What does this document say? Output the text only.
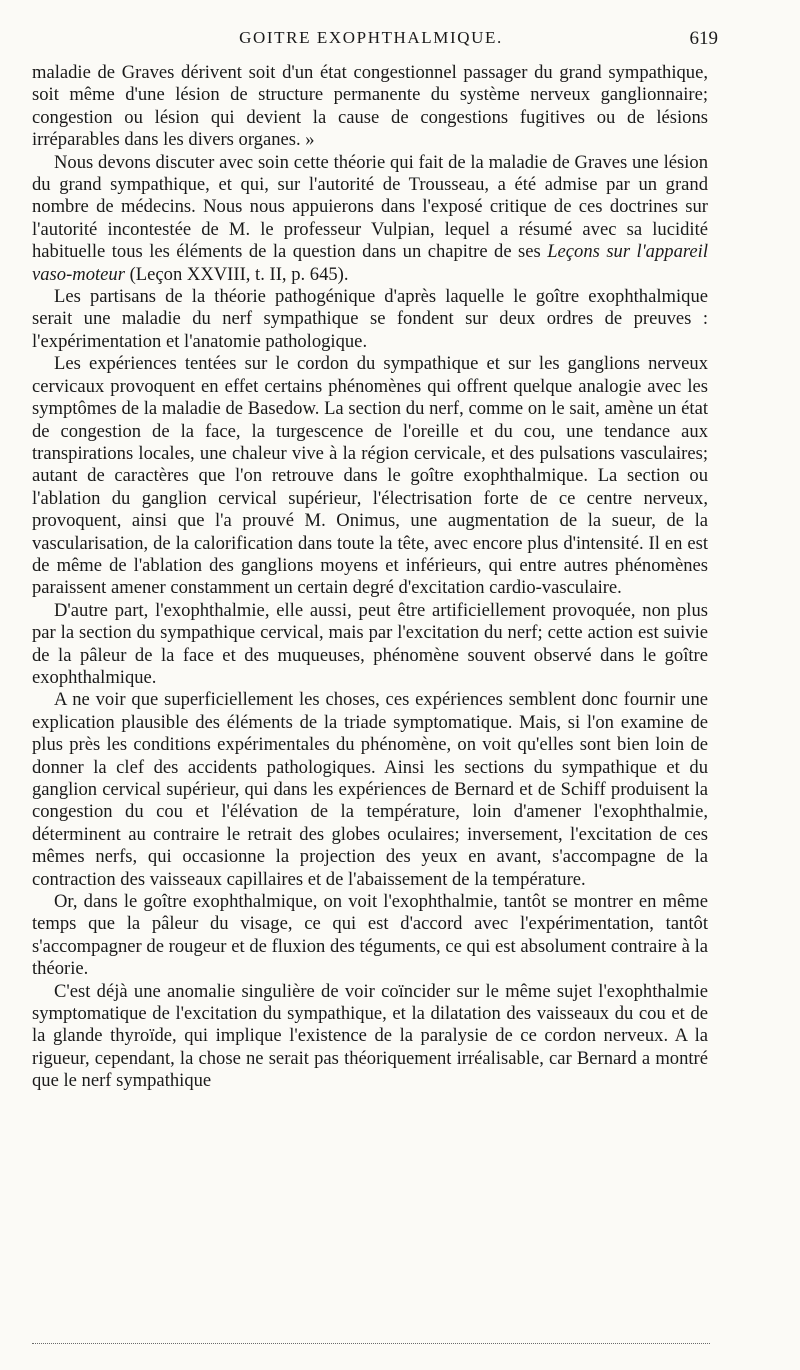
GOITRE EXOPHTHALMIQUE.	619

maladie de Graves dérivent soit d'un état congestionnel passager du grand sympathique, soit même d'une lésion de structure permanente du système nerveux ganglionnaire; congestion ou lésion qui devient la cause de congestions fugitives ou de lésions irréparables dans les divers organes. »

Nous devons discuter avec soin cette théorie qui fait de la maladie de Graves une lésion du grand sympathique, et qui, sur l'autorité de Trousseau, a été admise par un grand nombre de médecins. Nous nous appuierons dans l'exposé critique de ces doctrines sur l'autorité incontestée de M. le professeur Vulpian, lequel a résumé avec sa lucidité habituelle tous les éléments de la question dans un chapitre de ses Leçons sur l'appareil vaso-moteur (Leçon XXVIII, t. II, p. 645).

Les partisans de la théorie pathogénique d'après laquelle le goître exophthalmique serait une maladie du nerf sympathique se fondent sur deux ordres de preuves : l'expérimentation et l'anatomie pathologique.

Les expériences tentées sur le cordon du sympathique et sur les ganglions nerveux cervicaux provoquent en effet certains phénomènes qui offrent quelque analogie avec les symptômes de la maladie de Basedow. La section du nerf, comme on le sait, amène un état de congestion de la face, la turgescence de l'oreille et du cou, une tendance aux transpirations locales, une chaleur vive à la région cervicale, et des pulsations vasculaires; autant de caractères que l'on retrouve dans le goître exophthalmique. La section ou l'ablation du ganglion cervical supérieur, l'électrisation forte de ce centre nerveux, provoquent, ainsi que l'a prouvé M. Onimus, une augmentation de la sueur, de la vascularisation, de la calorification dans toute la tête, avec encore plus d'intensité. Il en est de même de l'ablation des ganglions moyens et inférieurs, qui entre autres phénomènes paraissent amener constamment un certain degré d'excitation cardio-vasculaire.

D'autre part, l'exophthalmie, elle aussi, peut être artificiellement provoquée, non plus par la section du sympathique cervical, mais par l'excitation du nerf; cette action est suivie de la pâleur de la face et des muqueuses, phénomène souvent observé dans le goître exophthalmique.

A ne voir que superficiellement les choses, ces expériences semblent donc fournir une explication plausible des éléments de la triade symptomatique. Mais, si l'on examine de plus près les conditions expérimentales du phénomène, on voit qu'elles sont bien loin de donner la clef des accidents pathologiques. Ainsi les sections du sympathique et du ganglion cervical supérieur, qui dans les expériences de Bernard et de Schiff produisent la congestion du cou et l'élévation de la température, loin d'amener l'exophthalmie, déterminent au contraire le retrait des globes oculaires; inversement, l'excitation de ces mêmes nerfs, qui occasionne la projection des yeux en avant, s'accompagne de la contraction des vaisseaux capillaires et de l'abaissement de la température.

Or, dans le goître exophthalmique, on voit l'exophthalmie, tantôt se montrer en même temps que la pâleur du visage, ce qui est d'accord avec l'expérimentation, tantôt s'accompagner de rougeur et de fluxion des téguments, ce qui est absolument contraire à la théorie.

C'est déjà une anomalie singulière de voir coïncider sur le même sujet l'exophthalmie symptomatique de l'excitation du sympathique, et la dilatation des vaisseaux du cou et de la glande thyroïde, qui implique l'existence de la paralysie de ce cordon nerveux. A la rigueur, cependant, la chose ne serait pas théoriquement irréalisable, car Bernard a montré que le nerf sympathique
